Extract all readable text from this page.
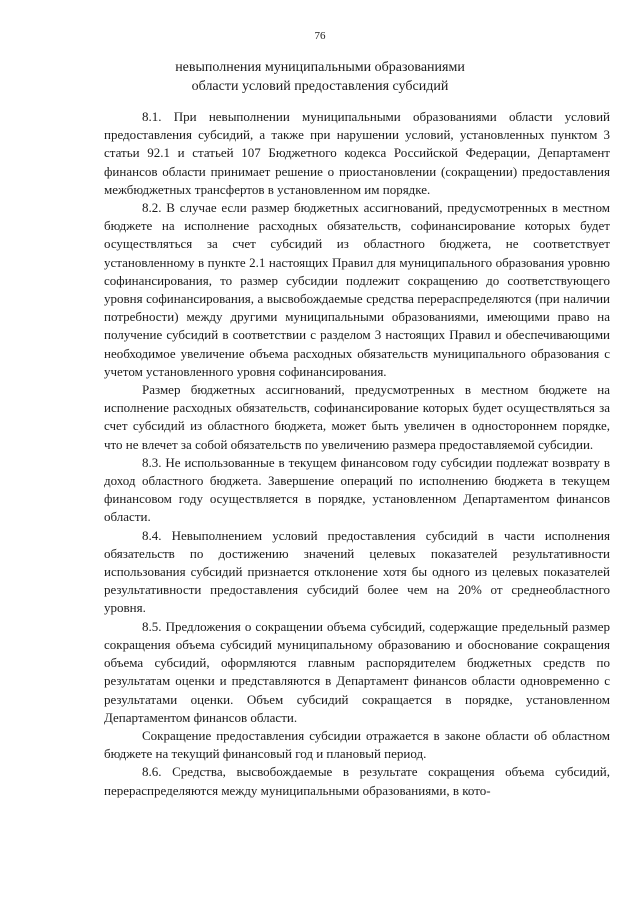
76
невыполнения муниципальными образованиями
области условий предоставления субсидий

8.1. При невыполнении муниципальными образованиями области условий предоставления субсидий, а также при нарушении условий, установленных пунктом 3 статьи 92.1 и статьей 107 Бюджетного кодекса Российской Федерации, Департамент финансов области принимает решение о приостановлении (сокращении) предоставления межбюджетных трансфертов в установленном им порядке.

8.2. В случае если размер бюджетных ассигнований, предусмотренных в местном бюджете на исполнение расходных обязательств, софинансирование которых будет осуществляться за счет субсидий из областного бюджета, не соответствует установленному в пункте 2.1 настоящих Правил для муниципального образования уровню софинансирования, то размер субсидии подлежит сокращению до соответствующего уровня софинансирования, а высвобождаемые средства перераспределяются (при наличии потребности) между другими муниципальными образованиями, имеющими право на получение субсидий в соответствии с разделом 3 настоящих Правил и обеспечивающими необходимое увеличение объема расходных обязательств муниципального образования с учетом установленного уровня софинансирования.

Размер бюджетных ассигнований, предусмотренных в местном бюджете на исполнение расходных обязательств, софинансирование которых будет осуществляться за счет субсидий из областного бюджета, может быть увеличен в одностороннем порядке, что не влечет за собой обязательств по увеличению размера предоставляемой субсидии.

8.3. Не использованные в текущем финансовом году субсидии подлежат возврату в доход областного бюджета. Завершение операций по исполнению бюджета в текущем финансовом году осуществляется в порядке, установленном Департаментом финансов области.

8.4. Невыполнением условий предоставления субсидий в части исполнения обязательств по достижению значений целевых показателей результативности использования субсидий признается отклонение хотя бы одного из целевых показателей результативности предоставления субсидий более чем на 20% от среднеобластного уровня.

8.5. Предложения о сокращении объема субсидий, содержащие предельный размер сокращения объема субсидий муниципальному образованию и обоснование сокращения объема субсидий, оформляются главным распорядителем бюджетных средств по результатам оценки и представляются в Департамент финансов области одновременно с результатами оценки. Объем субсидий сокращается в порядке, установленном Департаментом финансов области.

Сокращение предоставления субсидии отражается в законе области об областном бюджете на текущий финансовый год и плановый период.

8.6. Средства, высвобождаемые в результате сокращения объема субсидий, перераспределяются между муниципальными образованиями, в кото-
